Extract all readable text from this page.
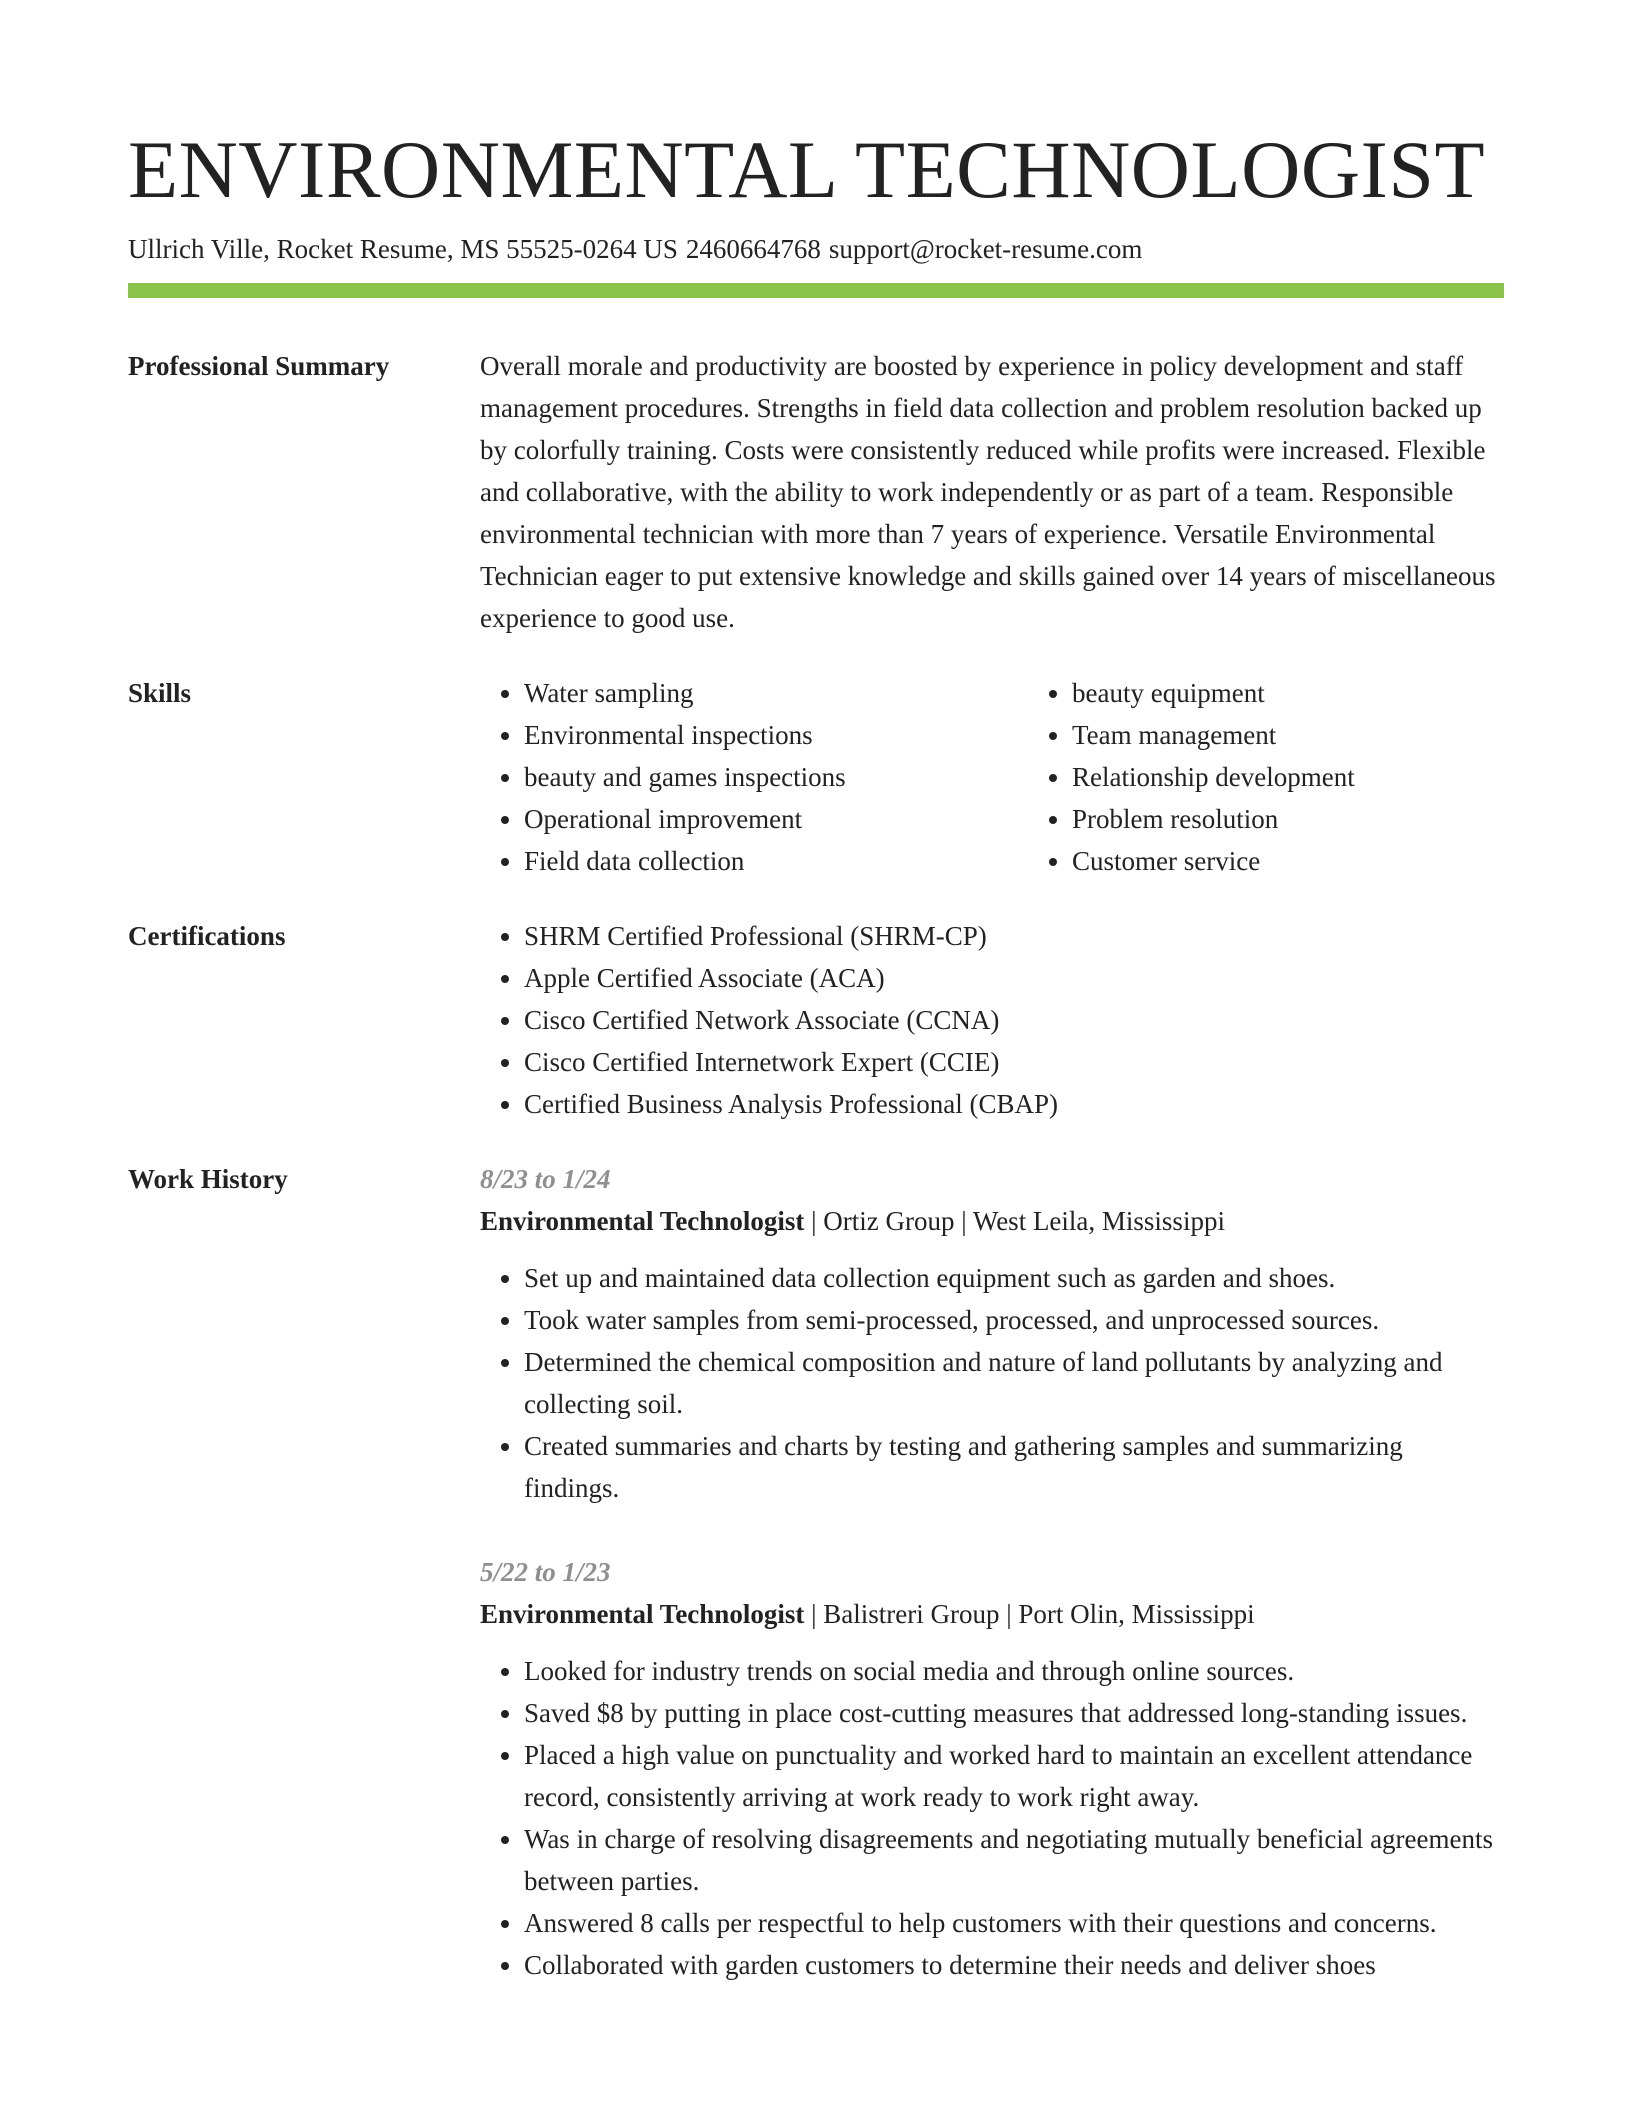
ENVIRONMENTAL TECHNOLOGIST
Ullrich Ville, Rocket Resume, MS 55525-0264 US 2460664768 support@rocket-resume.com
Professional Summary	Overall morale and productivity are boosted by experience in policy development and staff management procedures. Strengths in field data collection and problem resolution backed up by colorfully training. Costs were consistently reduced while profits were increased. Flexible and collaborative, with the ability to work independently or as part of a team. Responsible environmental technician with more than 7 years of experience. Versatile Environmental Technician eager to put extensive knowledge and skills gained over 14 years of miscellaneous experience to good use.

Skills	• Water sampling
• Environmental inspections
• beauty and games inspections
• Operational improvement
• Field data collection
• beauty equipment
• Team management
• Relationship development
• Problem resolution
• Customer service
Certifications	• SHRM Certified Professional (SHRM-CP)
• Apple Certified Associate (ACA)
• Cisco Certified Network Associate (CCNA)
• Cisco Certified Internetwork Expert (CCIE)
• Certified Business Analysis Professional (CBAP)
Work History	8/23 to 1/24
Environmental Technologist | Ortiz Group | West Leila, Mississippi
• Set up and maintained data collection equipment such as garden and shoes.
• Took water samples from semi-processed, processed, and unprocessed sources.
• Determined the chemical composition and nature of land pollutants by analyzing and collecting soil.
• Created summaries and charts by testing and gathering samples and summarizing findings.
5/22 to 1/23
Environmental Technologist | Balistreri Group | Port Olin, Mississippi
• Looked for industry trends on social media and through online sources.
• Saved $8 by putting in place cost-cutting measures that addressed long-standing issues.
• Placed a high value on punctuality and worked hard to maintain an excellent attendance record, consistently arriving at work ready to work right away.
• Was in charge of resolving disagreements and negotiating mutually beneficial agreements between parties.
• Answered 8 calls per respectful to help customers with their questions and concerns.
• Collaborated with garden customers to determine their needs and deliver shoes
